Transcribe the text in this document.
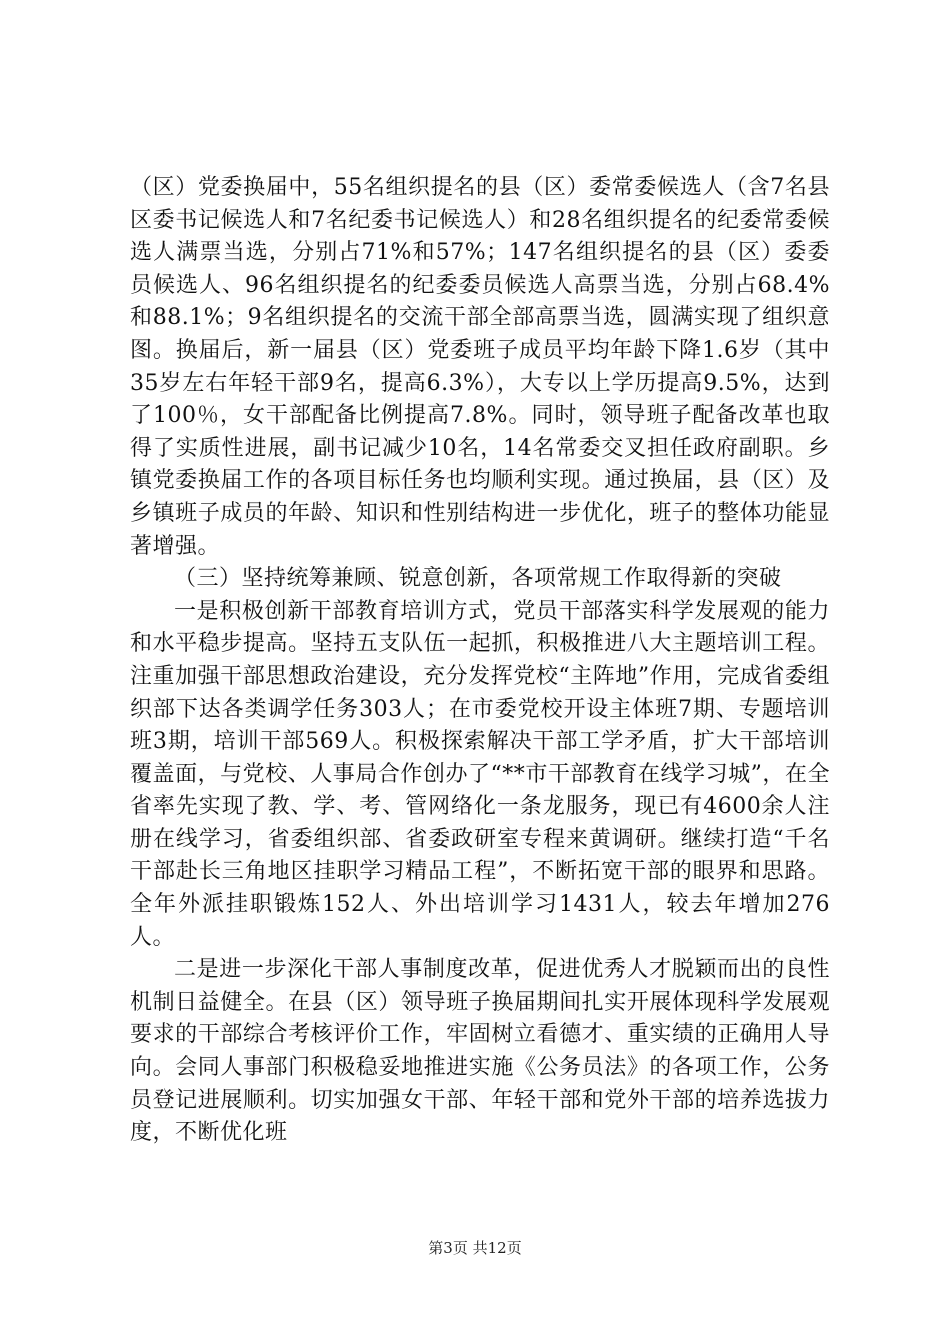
（区）党委换届中，55名组织提名的县（区）委常委候选人（含7名县区委书记候选人和7名纪委书记候选人）和28名组织提名的纪委常委候选人满票当选，分别占71%和57%；147名组织提名的县（区）委委员候选人、96名组织提名的纪委委员候选人高票当选，分别占68.4%和88.1%；9名组织提名的交流干部全部高票当选，圆满实现了组织意图。换届后，新一届县（区）党委班子成员平均年龄下降1.6岁（其中35岁左右年轻干部9名，提高6.3%），大专以上学历提高9.5%，达到了100％，女干部配备比例提高7.8%。同时，领导班子配备改革也取得了实质性进展，副书记减少10名，14名常委交叉担任政府副职。乡镇党委换届工作的各项目标任务也均顺利实现。通过换届，县（区）及乡镇班子成员的年龄、知识和性别结构进一步优化，班子的整体功能显著增强。

（三）坚持统筹兼顾、锐意创新，各项常规工作取得新的突破

一是积极创新干部教育培训方式，党员干部落实科学发展观的能力和水平稳步提高。坚持五支队伍一起抓，积极推进八大主题培训工程。注重加强干部思想政治建设，充分发挥党校“主阵地”作用，完成省委组织部下达各类调学任务303人；在市委党校开设主体班7期、专题培训班3期，培训干部569人。积极探索解决干部工学矛盾，扩大干部培训覆盖面，与党校、人事局合作创办了“**市干部教育在线学习城”，在全省率先实现了教、学、考、管网络化一条龙服务，现已有4600余人注册在线学习，省委组织部、省委政研室专程来黄调研。继续打造“千名干部赴长三角地区挂职学习精品工程”，不断拓宽干部的眼界和思路。全年外派挂职锻炼152人、外出培训学习1431人，较去年增加276人。

二是进一步深化干部人事制度改革，促进优秀人才脱颖而出的良性机制日益健全。在县（区）领导班子换届期间扎实开展体现科学发展观要求的干部综合考核评价工作，牢固树立看德才、重实绩的正确用人导向。会同人事部门积极稳妥地推进实施《公务员法》的各项工作，公务员登记进展顺利。切实加强女干部、年轻干部和党外干部的培养选拔力度，不断优化班

第3页 共12页
